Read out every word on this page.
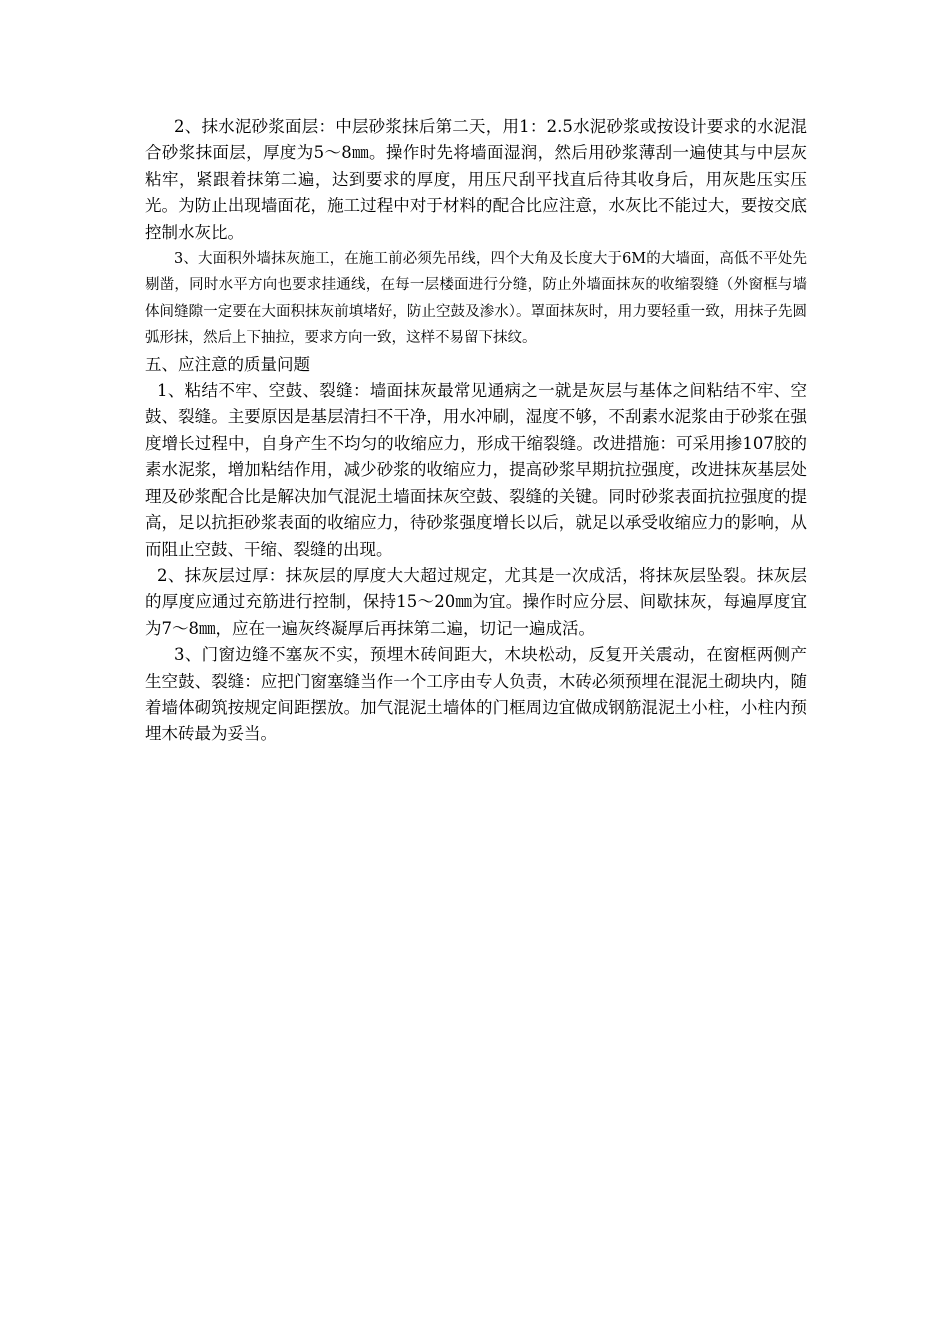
2、抹水泥砂浆面层：中层砂浆抹后第二天，用1：2.5水泥砂浆或按设计要求的水泥混合砂浆抹面层，厚度为5～8㎜。操作时先将墙面湿润，然后用砂浆薄刮一遍使其与中层灰粘牢，紧跟着抹第二遍，达到要求的厚度，用压尺刮平找直后待其收身后，用灰匙压实压光。为防止出现墙面花，施工过程中对于材料的配合比应注意，水灰比不能过大，要按交底控制水灰比。

3、大面积外墙抹灰施工，在施工前必须先吊线，四个大角及长度大于6M的大墙面，高低不平处先剔凿，同时水平方向也要求挂通线，在每一层楼面进行分缝，防止外墙面抹灰的收缩裂缝（外窗框与墙体间缝隙一定要在大面积抹灰前填堵好，防止空鼓及渗水）。罩面抹灰时，用力要轻重一致，用抹子先圆弧形抹，然后上下抽拉，要求方向一致，这样不易留下抹纹。

五、应注意的质量问题

1、粘结不牢、空鼓、裂缝：墙面抹灰最常见通病之一就是灰层与基体之间粘结不牢、空鼓、裂缝。主要原因是基层清扫不干净，用水冲刷，湿度不够，不刮素水泥浆由于砂浆在强度增长过程中，自身产生不均匀的收缩应力，形成干缩裂缝。改进措施：可采用掺107胶的素水泥浆，增加粘结作用，减少砂浆的收缩应力，提高砂浆早期抗拉强度，改进抹灰基层处理及砂浆配合比是解决加气混泥土墙面抹灰空鼓、裂缝的关键。同时砂浆表面抗拉强度的提高，足以抗拒砂浆表面的收缩应力，待砂浆强度增长以后，就足以承受收缩应力的影响，从而阻止空鼓、干缩、裂缝的出现。

2、抹灰层过厚：抹灰层的厚度大大超过规定，尤其是一次成活，将抹灰层坠裂。抹灰层的厚度应通过充筋进行控制，保持15～20㎜为宜。操作时应分层、间歇抹灰，每遍厚度宜为7～8㎜，应在一遍灰终凝厚后再抹第二遍，切记一遍成活。

3、门窗边缝不塞灰不实，预埋木砖间距大，木块松动，反复开关震动，在窗框两侧产生空鼓、裂缝：应把门窗塞缝当作一个工序由专人负责，木砖必须预埋在混泥土砌块内，随着墙体砌筑按规定间距摆放。加气混泥土墙体的门框周边宜做成钢筋混泥土小柱，小柱内预埋木砖最为妥当。
